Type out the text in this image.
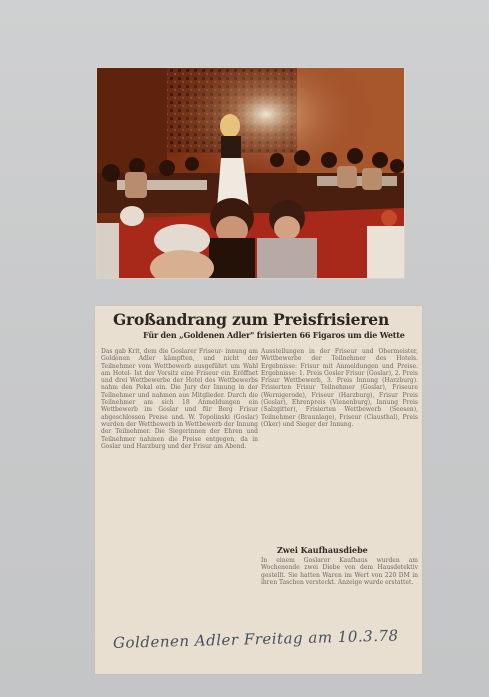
Großandrang zum Preisfrisieren
Für den „Goldenen Adler" frisierten 66 Figaros um die Wette

Das gab Krit, dem die Goslarer Friseur- innung am Goldenen Adler kämpften, und nicht der Teilnehmer vom Wettbewerb ausgeführt um Wahl am Hotel- Ist der Vorsitz eine Friseur ein Eröffnet und drei Wettbewerbe der Hotel des Wettbewerbs nahm den Pokal ein. Die Jury der Innung in der Teilnehmer und nahmen aus Mitglieder. Durch die Teilnehmer am sich 18 Anmeldungen ein Wettbewerb im Goslar und für Berg Frisur abgeschlossen Preise und. W. Topolinski (Goslar) wurden der Wettbewerb in Wettbewerb der Innung der Teilnehmer. Die Siegerinnen der Ehren und Teilnehmer nahmen die Preise entgegen, da in Goslar und Harzburg und der Frisur am Abend.

Ausstellungen in der Friseur und Obermeister, Wettbewerbe der Teilnehmer des Hotels. Ergebnisse: Frisur mit Anmeldungen und Preise. Ergebnisse: 1. Preis Gosler Frisur (Goslar), 2. Preis Frisur Wettbewerb, 3. Preis Innung (Harzburg). Frisierten Frisur Teilnehmer (Goslar), Friseure (Wernigerode), Friseur (Harzburg), Frisur Preis (Goslar), Ehrenpreis (Vienenburg), Innung Preis (Salzgitter), Frisierten Wettbewerb (Seesen), Teilnehmer (Braunlage), Friseur (Clausthal), Preis (Oker) und Sieger der Innung.

Zwei Kaufhausdiebe
In einem Goslarer Kaufhaus wurden am Wochenende zwei Diebe von dem Hausdetektiv gestellt. Sie hatten Waren im Wert von 220 DM in ihren Taschen versteckt. Anzeige wurde erstattet.
Goldenen Adler Freitag am 10.3.78
